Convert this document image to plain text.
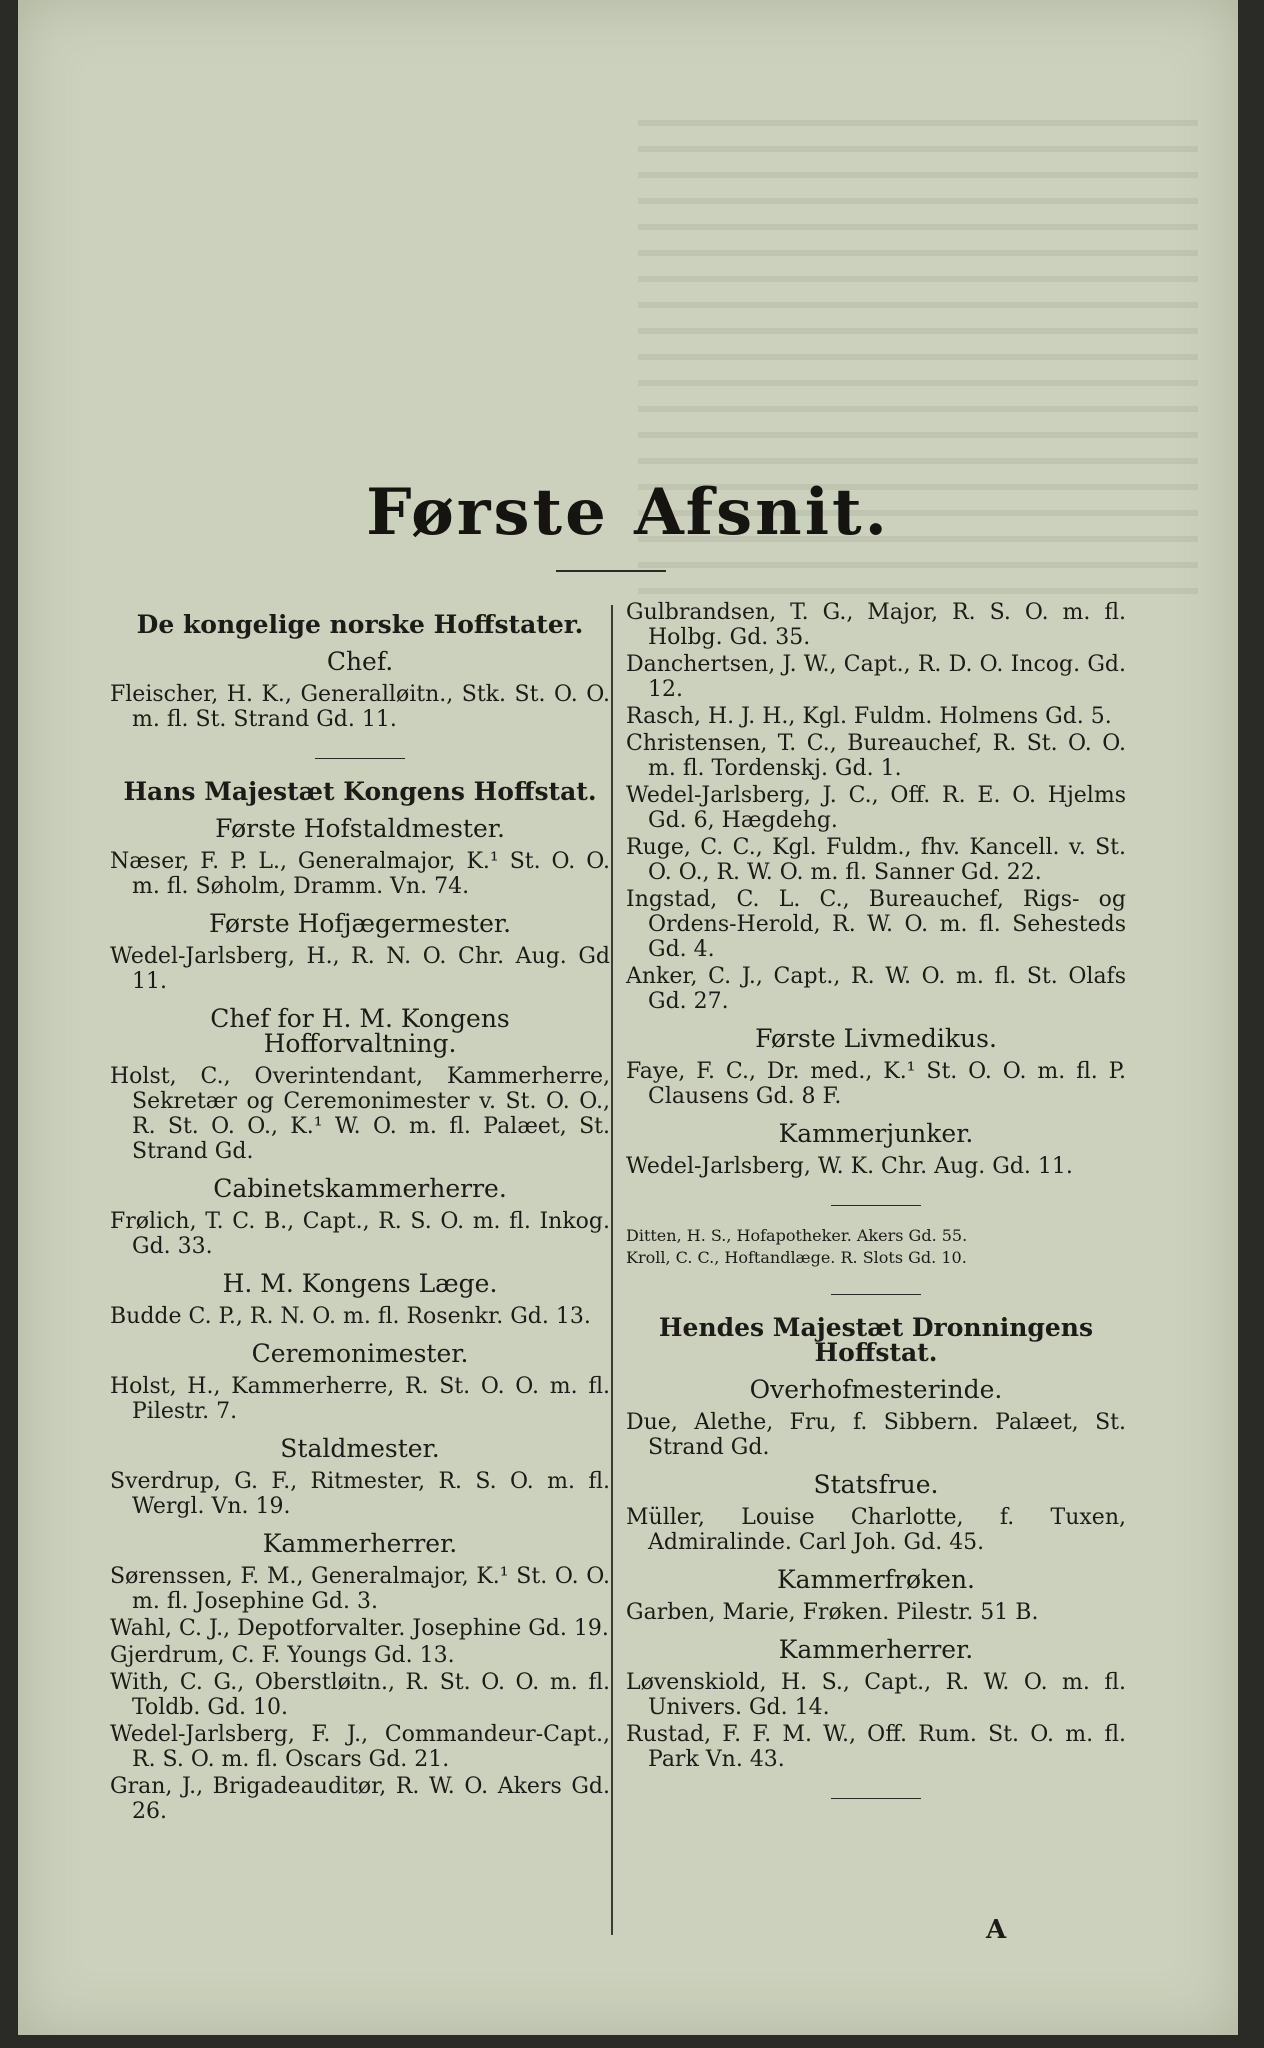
Første Afsnit.
De kongelige norske Hoffstater.
Chef.
Fleischer, H. K., Generalløitn., Stk. St. O. O. m. fl. St. Strand Gd. 11.
Hans Majestæt Kongens Hoffstat.
Første Hofstaldmester.
Næser, F. P. L., Generalmajor, K.¹ St. O. O. m. fl. Søholm, Dramm. Vn. 74.
Første Hofjægermester.
Wedel-Jarlsberg, H., R. N. O. Chr. Aug. Gd 11.
Chef for H. M. Kongens Hofforvaltning.
Holst, C., Overintendant, Kammerherre, Sekretær og Ceremonimester v. St. O. O., R. St. O. O., K.¹ W. O. m. fl. Palæet, St. Strand Gd.
Cabinetskammerherre.
Frølich, T. C. B., Capt., R. S. O. m. fl. Inkog. Gd. 33.
H. M. Kongens Læge.
Budde C. P., R. N. O. m. fl. Rosenkr. Gd. 13.
Ceremonimester.
Holst, H., Kammerherre, R. St. O. O. m. fl. Pilestr. 7.
Staldmester.
Sverdrup, G. F., Ritmester, R. S. O. m. fl. Wergl. Vn. 19.
Kammerherrer.
Sørenssen, F. M., Generalmajor, K.¹ St. O. O. m. fl. Josephine Gd. 3.
Wahl, C. J., Depotforvalter. Josephine Gd. 19.
Gjerdrum, C. F. Youngs Gd. 13.
With, C. G., Oberstløitn., R. St. O. O. m. fl. Toldb. Gd. 10.
Wedel-Jarlsberg, F. J., Commandeur-Capt., R. S. O. m. fl. Oscars Gd. 21.
Gran, J., Brigadeauditør, R. W. O. Akers Gd. 26.
Gulbrandsen, T. G., Major, R. S. O. m. fl. Holbg. Gd. 35.
Danchertsen, J. W., Capt., R. D. O. Incog. Gd. 12.
Rasch, H. J. H., Kgl. Fuldm. Holmens Gd. 5.
Christensen, T. C., Bureauchef, R. St. O. O. m. fl. Tordenskj. Gd. 1.
Wedel-Jarlsberg, J. C., Off. R. E. O. Hjelms Gd. 6, Hægdehg.
Ruge, C. C., Kgl. Fuldm., fhv. Kancell. v. St. O. O., R. W. O. m. fl. Sanner Gd. 22.
Ingstad, C. L. C., Bureauchef, Rigs- og Ordens-Herold, R. W. O. m. fl. Sehesteds Gd. 4.
Anker, C. J., Capt., R. W. O. m. fl. St. Olafs Gd. 27.
Første Livmedikus.
Faye, F. C., Dr. med., K.¹ St. O. O. m. fl. P. Clausens Gd. 8 F.
Kammerjunker.
Wedel-Jarlsberg, W. K. Chr. Aug. Gd. 11.
Ditten, H. S., Hofapotheker. Akers Gd. 55.
Kroll, C. C., Hoftandlæge. R. Slots Gd. 10.
Hendes Majestæt Dronningens Hoffstat.
Overhofmesterinde.
Due, Alethe, Fru, f. Sibbern. Palæet, St. Strand Gd.
Statsfrue.
Müller, Louise Charlotte, f. Tuxen, Admiralinde. Carl Joh. Gd. 45.
Kammerfrøken.
Garben, Marie, Frøken. Pilestr. 51 B.
Kammerherrer.
Løvenskiold, H. S., Capt., R. W. O. m. fl. Univers. Gd. 14.
Rustad, F. F. M. W., Off. Rum. St. O. m. fl. Park Vn. 43.
A
